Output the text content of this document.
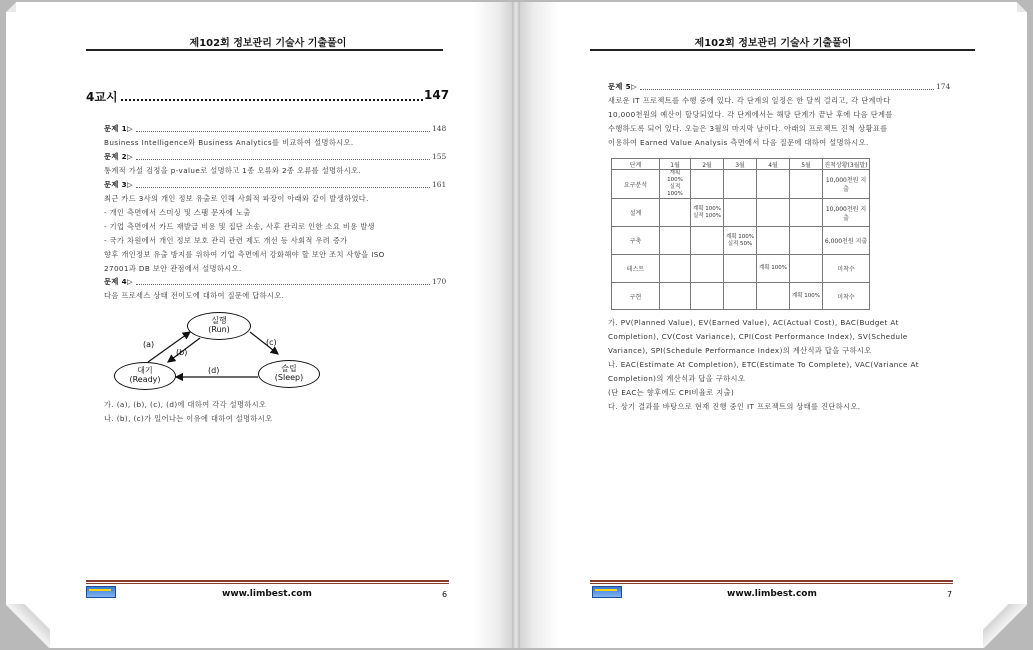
제102회 정보관리 기술사 기출풀이
4교시	147
문제 1▷	148
Business Intelligence와 Business Analytics를 비교하여 설명하시오.
문제 2▷	155
통계적 가설 검정을 p-value로 설명하고 1종 오류와 2종 오류를 설명하시오.
문제 3▷	161
최근 카드 3사의 개인 정보 유출로 인해 사회적 파장이 아래와 같이 발생하였다.
- 개인 측면에서 스미싱 및 스팸 문자에 노출
- 기업 측면에서 카드 재발급 비용 및 집단 소송, 사후 관리로 인한 소요 비용 발생
- 국가 차원에서 개인 정보 보호 관리 관련 제도 개선 등 사회적 우려 증가
향후 개인정보 유출 방지를 위하여 기업 측면에서 강화해야 할 보안 조치 사항을 ISO
27001과 DB 보안 관점에서 설명하시오.
문제 4▷	170
다음 프로세스 상태 전이도에 대하여 질문에 답하시오.
실행
(Run)
대기
(Ready)
슬립
(Sleep)
(a)
(b)
(c)
(d)
가. (a), (b), (c), (d)에 대하여 각각 설명하시오
나. (b), (c)가 일어나는 이유에 대하여 설명하시오
www.limbest.com	6
제102회 정보관리 기술사 기출풀이
문제 5▷	174
새로운 IT 프로젝트를 수행 중에 있다. 각 단계의 일정은 한 달씩 걸리고, 각 단계마다
10,000천원의 예산이 할당되었다. 각 단계에서는 해당 단계가 끝난 후에 다음 단계를
수행하도록 되어 있다. 오늘은 3월의 마지막 날이다. 아래의 프로젝트 진척 상황표를
이용하여 Earned Value Analysis 측면에서 다음 질문에 대하여 설명하시오.
단계	1월	2월	3월	4월	5월	진척상황(3월말)
요구분석	계획 100%
실적 100%					10,000천원 지출
설계		계획 100%
실적 100%				10,000천원 지출
구축			계획 100%
실적 50%			6,000천원 지출
테스트				계획 100%		미착수
구현					계획 100%	미착수
가. PV(Planned Value), EV(Earned Value), AC(Actual Cost), BAC(Budget At
Completion), CV(Cost Variance), CPI(Cost Performance Index), SV(Schedule
Variance), SPI(Schedule Performance Index)의 계산식과 답을 구하시오
나. EAC(Estimate At Completion), ETC(Estimate To Complete), VAC(Variance At
Completion)의 계산식과 답을 구하시오
(단 EAC는 향후에도 CPI비율로 지출)
다. 상기 결과를 바탕으로 현재 진행 중인 IT 프로젝트의 상태를 진단하시오.
www.limbest.com	7
